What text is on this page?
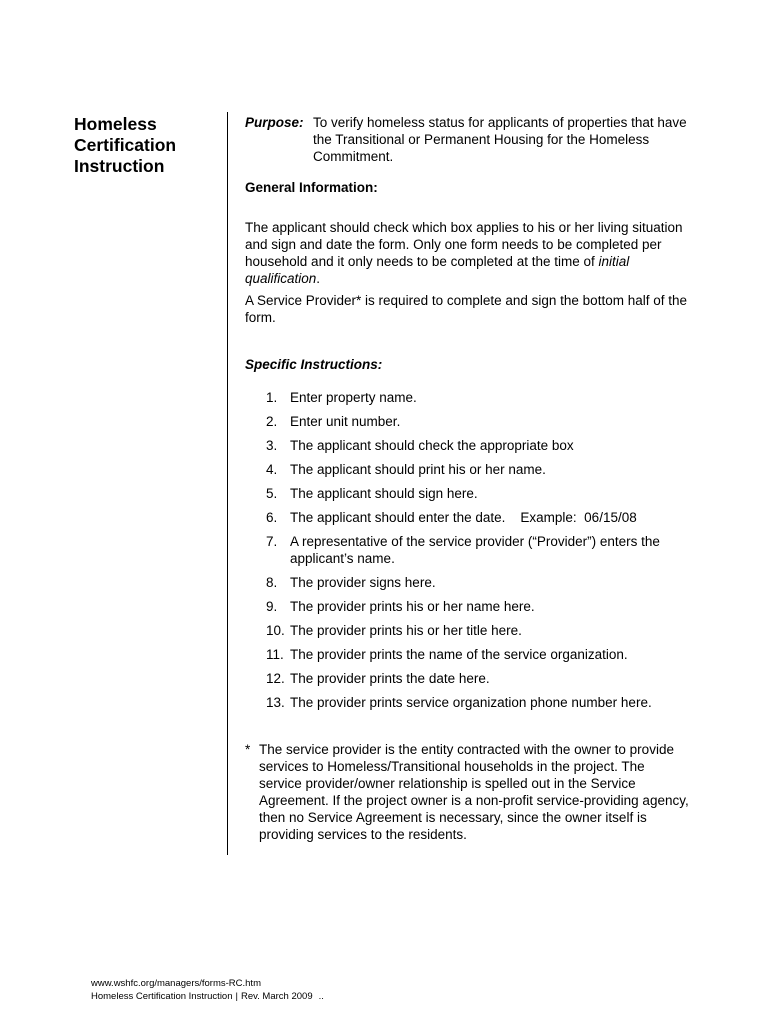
Homeless
Certification
Instruction
Purpose: To verify homeless status for applicants of properties that have the Transitional or Permanent Housing for the Homeless Commitment.
General Information:
The applicant should check which box applies to his or her living situation and sign and date the form. Only one form needs to be completed per household and it only needs to be completed at the time of initial qualification.
A Service Provider* is required to complete and sign the bottom half of the form.
Specific Instructions:
1. Enter property name.
2. Enter unit number.
3. The applicant should check the appropriate box
4. The applicant should print his or her name.
5. The applicant should sign here.
6. The applicant should enter the date.    Example:  06/15/08
7. A representative of the service provider (“Provider”) enters the applicant’s name.
8. The provider signs here.
9. The provider prints his or her name here.
10. The provider prints his or her title here.
11. The provider prints the name of the service organization.
12. The provider prints the date here.
13. The provider prints service organization phone number here.
* The service provider is the entity contracted with the owner to provide services to Homeless/Transitional households in the project. The service provider/owner relationship is spelled out in the Service Agreement. If the project owner is a non-profit service-providing agency, then no Service Agreement is necessary, since the owner itself is providing services to the residents.
www.wshfc.org/managers/forms-RC.htm
Homeless Certification Instruction | Rev. March 2009 ..
